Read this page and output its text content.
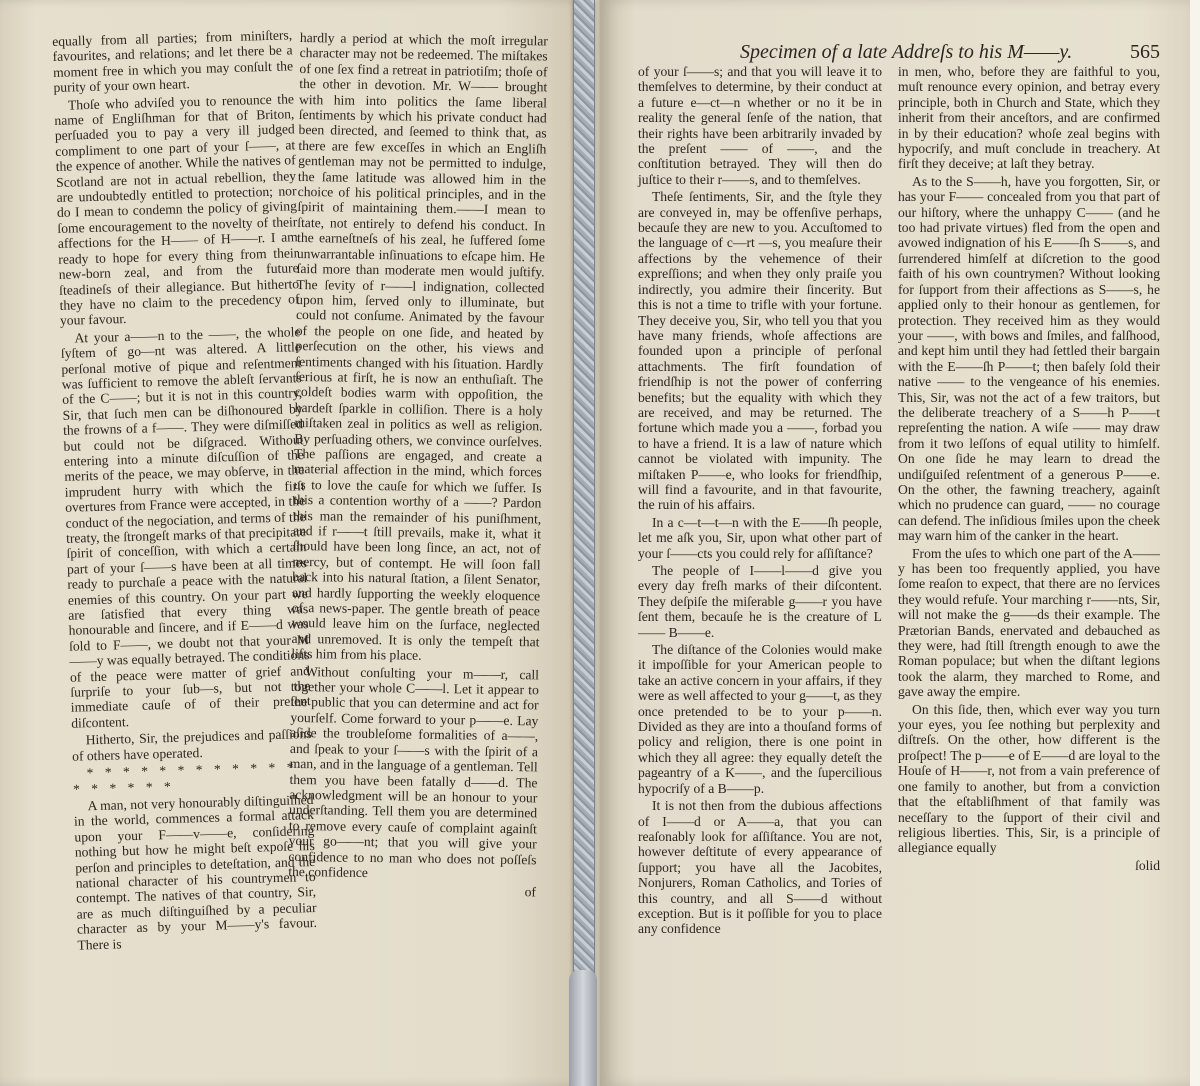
equally from all parties; from miniſters, favourites, and relations; and let there be a moment free in which you may conſult the purity of your own heart.

Thoſe who adviſed you to renounce the name of Engliſhman for that of Briton, perſuaded you to pay a very ill judged compliment to one part of your ſ——, at the expence of another. While the natives of Scotland are not in actual rebellion, they are undoubtedly entitled to protection; nor do I mean to condemn the policy of giving ſome encouragement to the novelty of their affections for the H—— of H——r. I am ready to hope for every thing from their new-born zeal, and from the future ſteadineſs of their allegiance. But hitherto they have no claim to the precedency of your favour.

At your a——n to the ——, the whole ſyſtem of go—nt was altered. A little perſonal motive of pique and reſentment was ſufficient to remove the ableſt ſervants of the C——; but it is not in this country, Sir, that ſuch men can be diſhonoured by the frowns of a f——. They were diſmiſſed but could not be diſgraced. Without entering into a minute diſcuſſion of the merits of the peace, we may obſerve, in the imprudent hurry with which the firſt overtures from France were accepted, in the conduct of the negociation, and terms of the treaty, the ſtrongeſt marks of that precipitate ſpirit of conceſſion, with which a certain part of your ſ——s have been at all times ready to purchaſe a peace with the natural enemies of this country. On your part we are ſatisfied that every thing was honourable and ſincere, and if E——d was ſold to F——, we doubt not that your M——y was equally betrayed. The conditions of the peace were matter of grief and ſurpriſe to your ſub—s, but not the immediate cauſe of of their preſent diſcontent.

Hitherto, Sir, the prejudices and paſſions of others have operated.

* * * * * * * * * * * * * * * * * *

A man, not very honourably diſtinguiſhed in the world, commences a formal attack upon your F——v——e, conſidering nothing but how he might beſt expoſe his perſon and principles to deteſtation, and the national character of his countrymen to contempt. The natives of that country, Sir, are as much diſtinguiſhed by a peculiar character as by your M——y's favour. There is

hardly a period at which the moſt irregular character may not be redeemed. The miſtakes of one ſex find a retreat in patriotiſm; thoſe of the other in devotion. Mr. W—— brought with him into politics the ſame liberal ſentiments by which his private conduct had been directed, and ſeemed to think that, as there are few exceſſes in which an Engliſh gentleman may not be permitted to indulge, the ſame latitude was allowed him in the choice of his political principles, and in the ſpirit of maintaining them.——I mean to ſtate, not entirely to defend his conduct. In the earneſtneſs of his zeal, he ſuffered ſome unwarrantable inſinuations to eſcape him. He ſaid more than moderate men would juſtify. The ſevity of r——l indignation, collected upon him, ſerved only to illuminate, but could not conſume. Animated by the favour of the people on one ſide, and heated by perſecution on the other, his views and ſentiments changed with his ſituation. Hardly ſerious at firſt, he is now an enthuſiaſt. The coldeſt bodies warm with oppoſition, the hardeſt ſparkle in colliſion. There is a holy miſtaken zeal in politics as well as religion. By perſuading others, we convince ourſelves. The paſſions are engaged, and create a material affection in the mind, which forces us to love the cauſe for which we ſuffer. Is this a contention worthy of a ——? Pardon this man the remainder of his puniſhment, and if r——t ſtill prevails, make it, what it ſhould have been long ſince, an act, not of mercy, but of contempt. He will ſoon fall back into his natural ſtation, a ſilent Senator, and hardly ſupporting the weekly eloquence of a news-paper. The gentle breath of peace would leave him on the ſurface, neglected and unremoved. It is only the tempeſt that lifts him from his place.

Without conſulting your m——r, call together your whole C——l. Let it appear to the public that you can determine and act for yourſelf. Come forward to your p——e. Lay aſide the troubleſome formalities of a——, and ſpeak to your ſ——s with the ſpirit of a man, and in the language of a gentleman. Tell them you have been fatally d——d. The acknowledgment will be an honour to your underſtanding. Tell them you are determined to remove every cauſe of complaint againſt your go——nt; that you will give your confidence to no man who does not poſſeſs the confidence

of

Specimen of a late Addreſs to his M——y.	565

of your ſ——s; and that you will leave it to themſelves to determine, by their conduct at a future e—ct—n whether or no it be in reality the general ſenſe of the nation, that their rights have been arbitrarily invaded by the preſent —— of ——, and the conſtitution betrayed. They will then do juſtice to their r——s, and to themſelves.

Theſe ſentiments, Sir, and the ſtyle they are conveyed in, may be offenſive perhaps, becauſe they are new to you. Accuſtomed to the language of c—rt —s, you meaſure their affections by the vehemence of their expreſſions; and when they only praiſe you indirectly, you admire their ſincerity. But this is not a time to trifle with your fortune. They deceive you, Sir, who tell you that you have many friends, whoſe affections are founded upon a principle of perſonal attachments. The firſt foundation of friendſhip is not the power of conferring benefits; but the equality with which they are received, and may be returned. The fortune which made you a ——, forbad you to have a friend. It is a law of nature which cannot be violated with impunity. The miſtaken P——e, who looks for friendſhip, will find a favourite, and in that favourite, the ruin of his affairs.

In a c—t—t—n with the E——ſh people, let me aſk you, Sir, upon what other part of your ſ——cts you could rely for aſſiſtance?

The people of I——l——d give you every day freſh marks of their diſcontent. They deſpiſe the miſerable g——r you have ſent them, becauſe he is the creature of L—— B——e.

The diſtance of the Colonies would make it impoſſible for your American people to take an active concern in your affairs, if they were as well affected to your g——t, as they once pretended to be to your p——n. Divided as they are into a thouſand forms of policy and religion, there is one point in which they all agree: they equally deteſt the pageantry of a K——, and the ſupercilious hypocriſy of a B——p.

It is not then from the dubious affections of I——d or A——a, that you can reaſonably look for aſſiſtance. You are not, however deſtitute of every appearance of ſupport; you have all the Jacobites, Nonjurers, Roman Catholics, and Tories of this country, and all S——d without exception. But is it poſſible for you to place any confidence

in men, who, before they are faithful to you, muſt renounce every opinion, and betray every principle, both in Church and State, which they inherit from their anceſtors, and are confirmed in by their education? whoſe zeal begins with hypocriſy, and muſt conclude in treachery. At firſt they deceive; at laſt they betray.

As to the S——h, have you forgotten, Sir, or has your F—— concealed from you that part of our hiſtory, where the unhappy C—— (and he too had private virtues) fled from the open and avowed indignation of his E——ſh S——s, and ſurrendered himſelf at diſcretion to the good faith of his own countrymen? Without looking for ſupport from their affections as S——s, he applied only to their honour as gentlemen, for protection. They received him as they would your ——, with bows and ſmiles, and falſhood, and kept him until they had ſettled their bargain with the E——ſh P——t; then baſely ſold their native —— to the vengeance of his enemies. This, Sir, was not the act of a few traitors, but the deliberate treachery of a S——h P——t repreſenting the nation. A wiſe —— may draw from it two leſſons of equal utility to himſelf. On one ſide he may learn to dread the undiſguiſed reſentment of a generous P——e. On the other, the fawning treachery, againſt which no prudence can guard, —— no courage can defend. The inſidious ſmiles upon the cheek may warn him of the canker in the heart.

From the uſes to which one part of the A——y has been too frequently applied, you have ſome reaſon to expect, that there are no ſervices they would refuſe. Your marching r——nts, Sir, will not make the g——ds their example. The Prætorian Bands, enervated and debauched as they were, had ſtill ſtrength enough to awe the Roman populace; but when the diſtant legions took the alarm, they marched to Rome, and gave away the empire.

On this ſide, then, which ever way you turn your eyes, you ſee nothing but perplexity and diſtreſs. On the other, how different is the proſpect! The p——e of E——d are loyal to the Houſe of H——r, not from a vain preference of one family to another, but from a conviction that the eſtabliſhment of that family was neceſſary to the ſupport of their civil and religious liberties. This, Sir, is a principle of allegiance equally

ſolid
